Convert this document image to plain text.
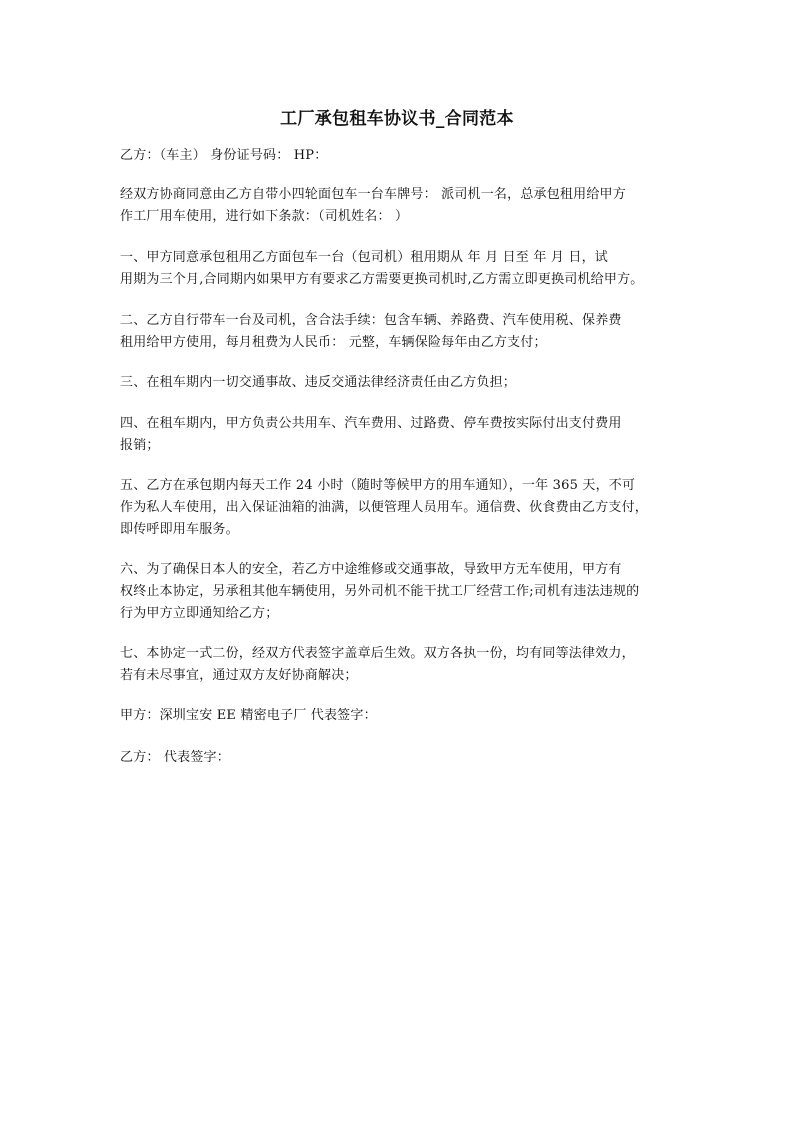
工厂承包租车协议书_合同范本
乙方：（车主） 身份证号码： HP：
经双方协商同意由乙方自带小四轮面包车一台车牌号： 派司机一名，总承包租用给甲方
作工厂用车使用，进行如下条款：（司机姓名： ）
一、甲方同意承包租用乙方面包车一台（包司机）租用期从 年 月 日至 年 月 日，试
用期为三个月,合同期内如果甲方有要求乙方需要更换司机时,乙方需立即更换司机给甲方。
二、乙方自行带车一台及司机，含合法手续：包含车辆、养路费、汽车使用税、保养费
租用给甲方使用，每月租费为人民币： 元整，车辆保险每年由乙方支付；
三、在租车期内一切交通事故、违反交通法律经济责任由乙方负担；
四、在租车期内，甲方负责公共用车、汽车费用、过路费、停车费按实际付出支付费用
报销；
五、乙方在承包期内每天工作 24 小时（随时等候甲方的用车通知），一年 365 天，不可
作为私人车使用，出入保证油箱的油满，以便管理人员用车。通信费、伙食费由乙方支付，
即传呼即用车服务。
六、为了确保日本人的安全，若乙方中途维修或交通事故，导致甲方无车使用，甲方有
权终止本协定，另承租其他车辆使用，另外司机不能干扰工厂经营工作;司机有违法违规的
行为甲方立即通知给乙方；
七、本协定一式二份，经双方代表签字盖章后生效。双方各执一份，均有同等法律效力，
若有未尽事宜，通过双方友好协商解决；
甲方：深圳宝安 EE 精密电子厂 代表签字：
乙方： 代表签字：
